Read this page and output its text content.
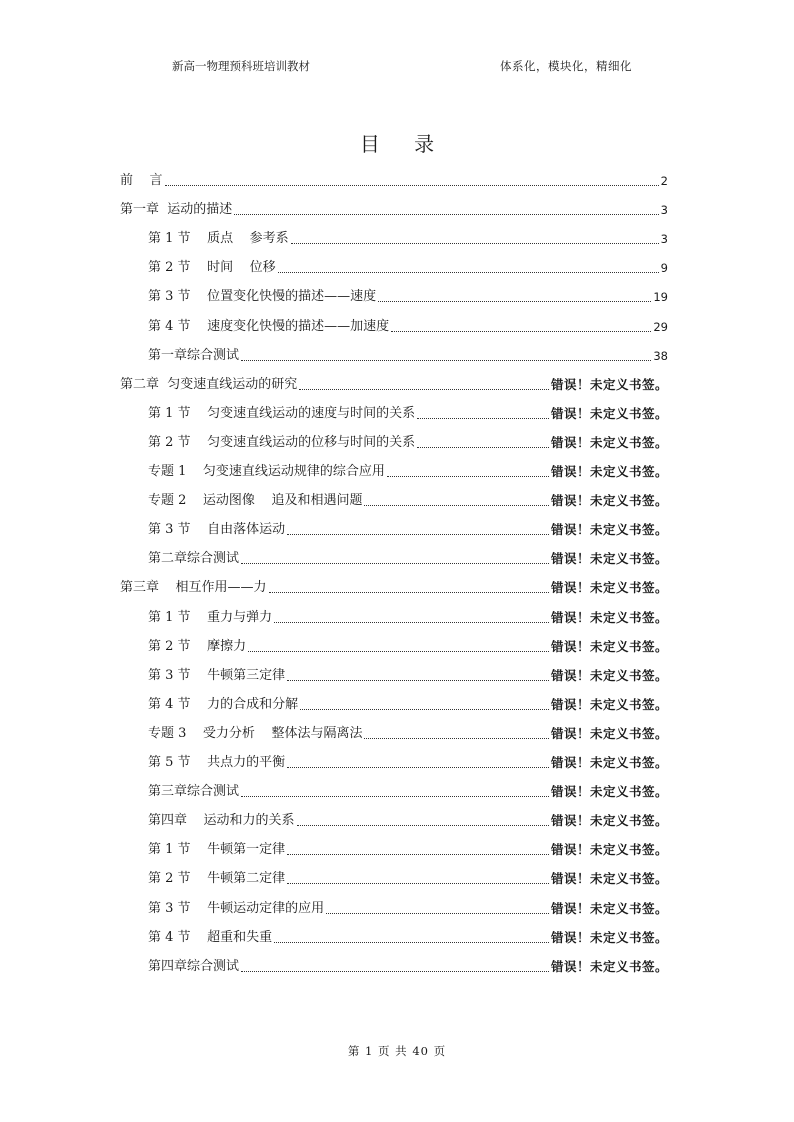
新高一物理预科班培训教材	体系化，模块化，精细化
目 录
前    言	2
第一章  运动的描述	3
第 1 节    质点    参考系	3
第 2 节    时间    位移	9
第 3 节    位置变化快慢的描述——速度	19
第 4 节    速度变化快慢的描述——加速度	29
第一章综合测试	38
第二章  匀变速直线运动的研究	错误！未定义书签。
第 1 节    匀变速直线运动的速度与时间的关系	错误！未定义书签。
第 2 节    匀变速直线运动的位移与时间的关系	错误！未定义书签。
专题 1    匀变速直线运动规律的综合应用	错误！未定义书签。
专题 2    运动图像    追及和相遇问题	错误！未定义书签。
第 3 节    自由落体运动	错误！未定义书签。
第二章综合测试	错误！未定义书签。
第三章    相互作用——力	错误！未定义书签。
第 1 节    重力与弹力	错误！未定义书签。
第 2 节    摩擦力	错误！未定义书签。
第 3 节    牛顿第三定律	错误！未定义书签。
第 4 节    力的合成和分解	错误！未定义书签。
专题 3    受力分析    整体法与隔离法	错误！未定义书签。
第 5 节    共点力的平衡	错误！未定义书签。
第三章综合测试	错误！未定义书签。
第四章    运动和力的关系	错误！未定义书签。
第 1 节    牛顿第一定律	错误！未定义书签。
第 2 节    牛顿第二定律	错误！未定义书签。
第 3 节    牛顿运动定律的应用	错误！未定义书签。
第 4 节    超重和失重	错误！未定义书签。
第四章综合测试	错误！未定义书签。
第 1 页 共 40 页
